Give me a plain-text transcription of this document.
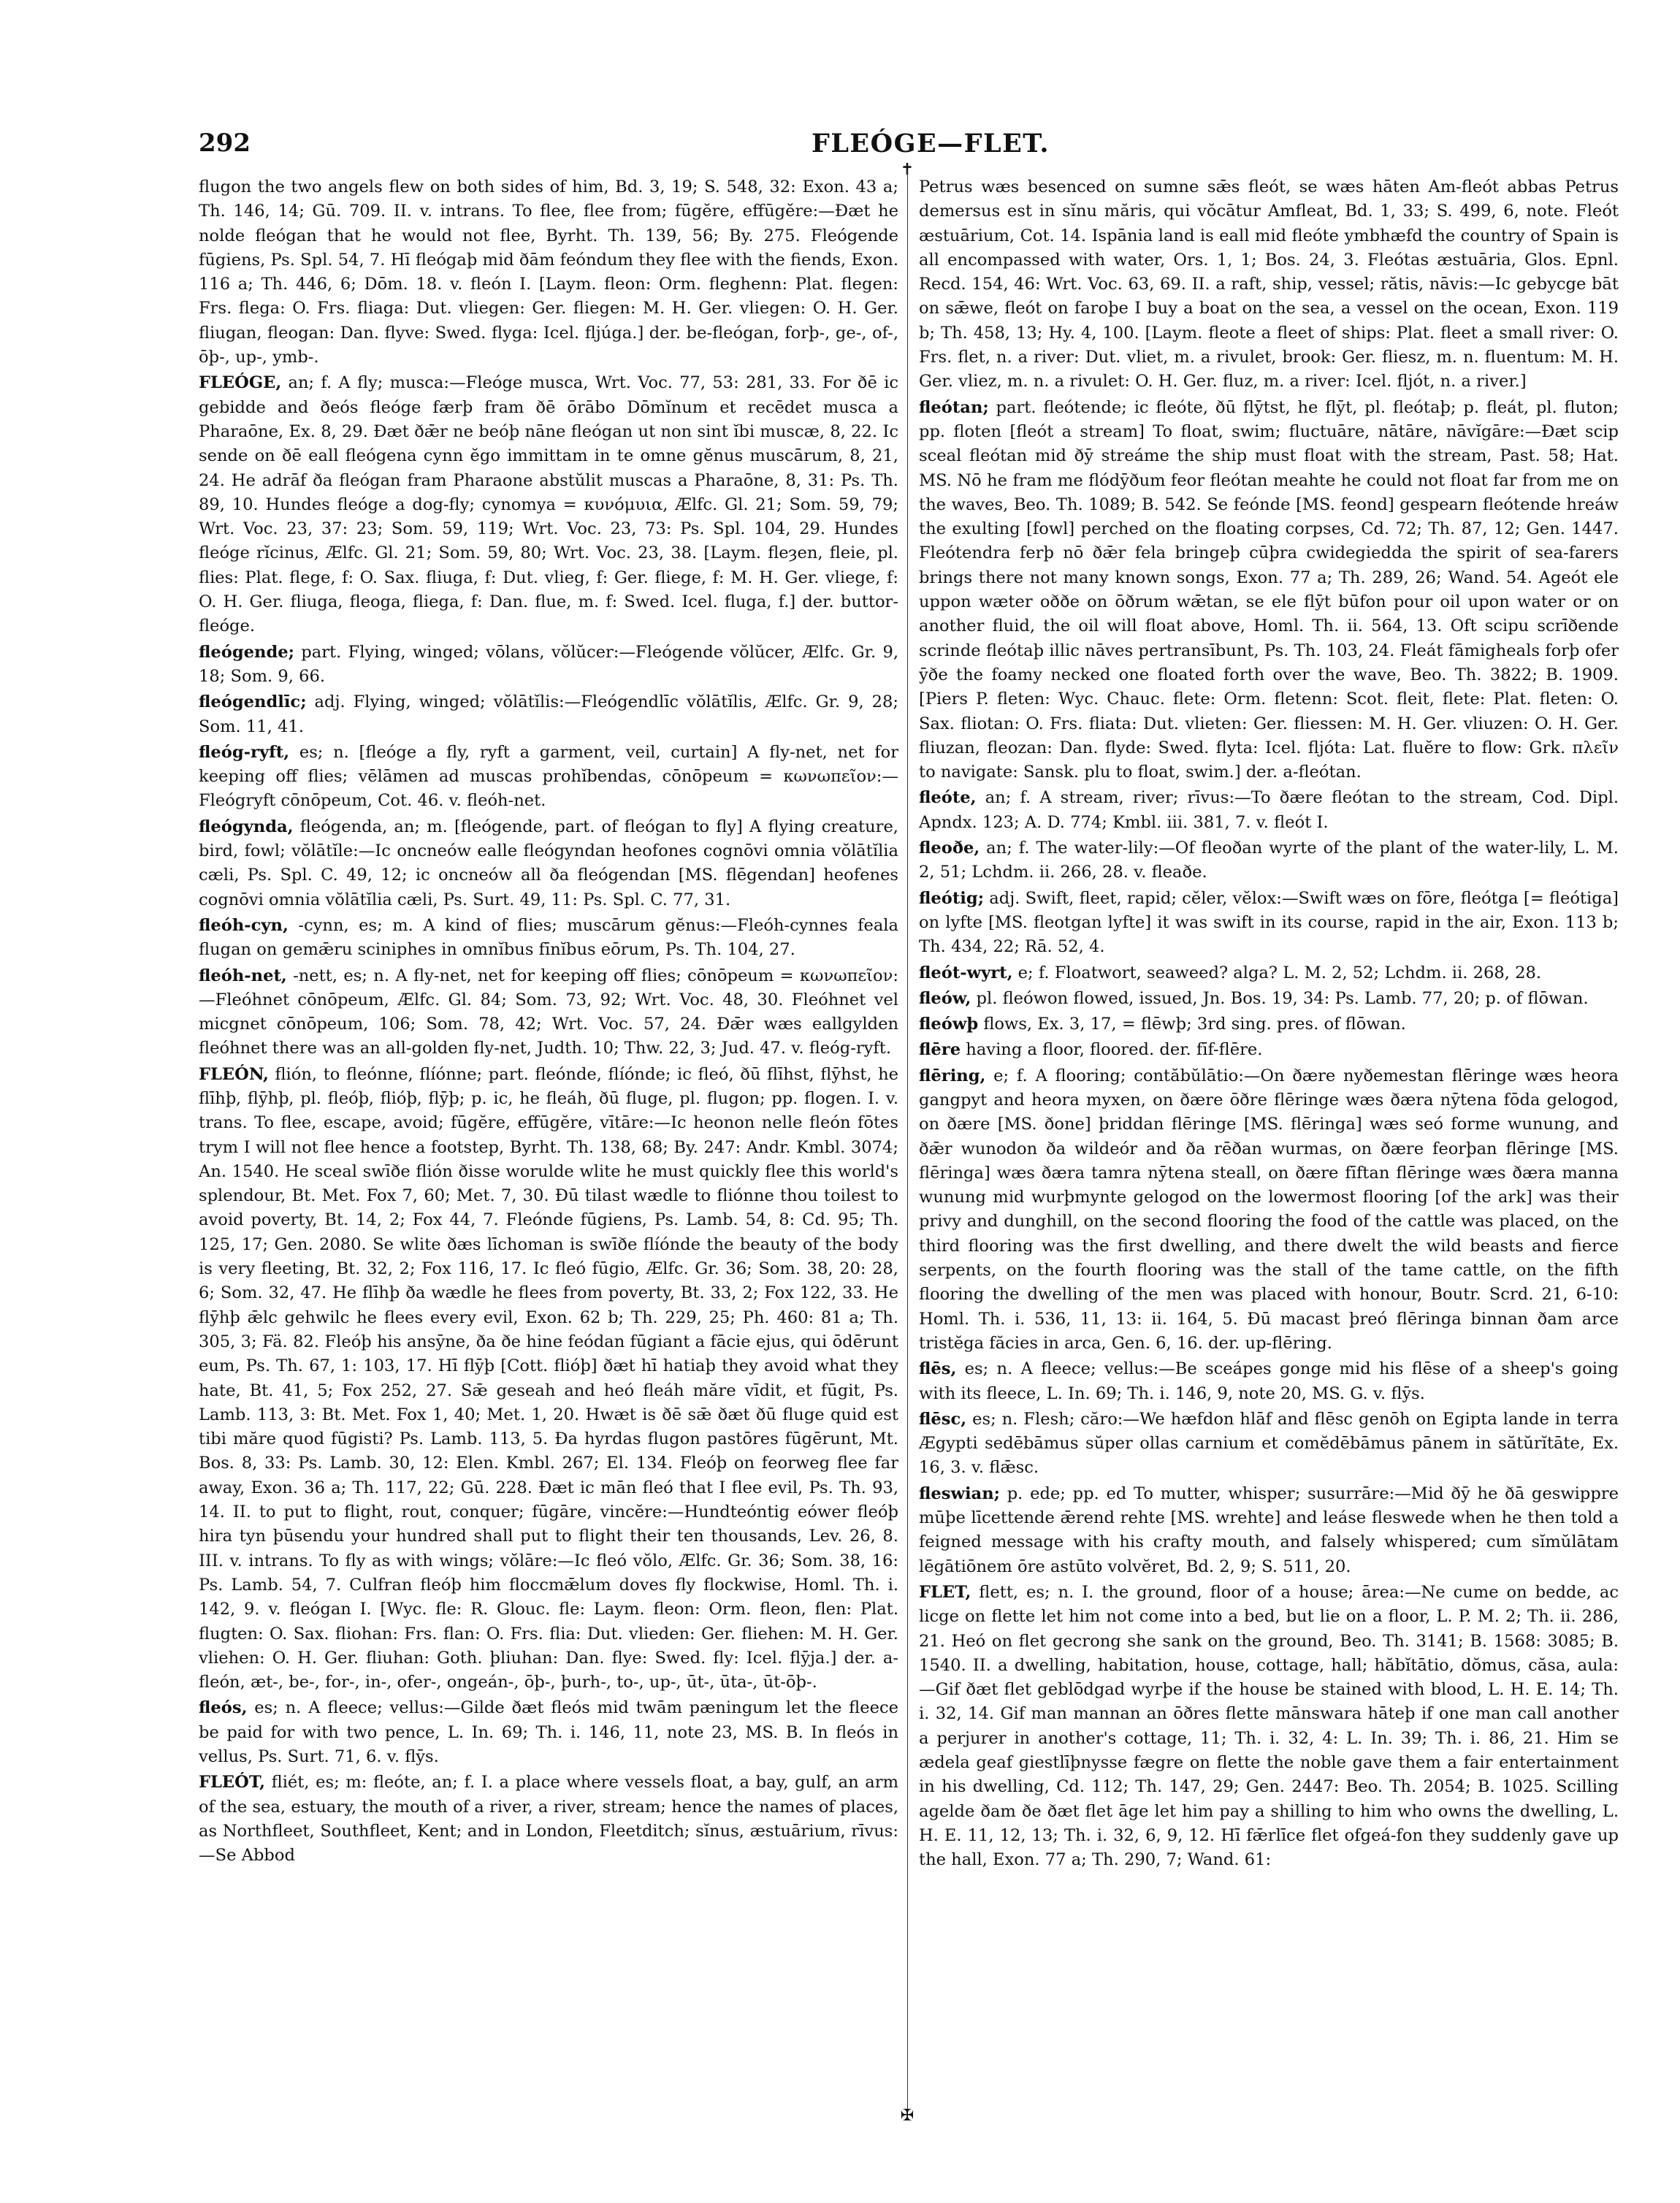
292	FLEÓGE—FLET.
✝
✠

flugon the two angels flew on both sides of him, Bd. 3, 19; S. 548, 32: Exon. 43 a; Th. 146, 14; Gū. 709. II. v. intrans. To flee, flee from; fūgĕre, effūgĕre:—Ðæt he nolde fleógan that he would not flee, Byrht. Th. 139, 56; By. 275. Fleógende fūgiens, Ps. Spl. 54, 7. Hī fleógaþ mid ðām feóndum they flee with the fiends, Exon. 116 a; Th. 446, 6; Dōm. 18. v. fleón I. [Laym. fleon: Orm. fleghenn: Plat. flegen: Frs. flega: O. Frs. fliaga: Dut. vliegen: Ger. fliegen: M. H. Ger. vliegen: O. H. Ger. fliugan, fleogan: Dan. flyve: Swed. flyga: Icel. fljúga.] der. be-fleógan, forþ-, ge-, of-, ōþ-, up-, ymb-.

FLEÓGE, an; f. A fly; musca:—Fleóge musca, Wrt. Voc. 77, 53: 281, 33. For ðē ic gebidde and ðeós fleóge færþ fram ðē ōrābo Dōmĭnum et recēdet musca a Pharaōne, Ex. 8, 29. Ðæt ðǣr ne beóþ nāne fleógan ut non sint ĭbi muscæ, 8, 22. Ic sende on ðē eall fleógena cynn ĕgo immittam in te omne gĕnus muscārum, 8, 21, 24. He adrāf ða fleógan fram Pharaone abstŭlit muscas a Pharaōne, 8, 31: Ps. Th. 89, 10. Hundes fleóge a dog-fly; cynomya = κυνόμυια, Ælfc. Gl. 21; Som. 59, 79; Wrt. Voc. 23, 37: 23; Som. 59, 119; Wrt. Voc. 23, 73: Ps. Spl. 104, 29. Hundes fleóge rĭcinus, Ælfc. Gl. 21; Som. 59, 80; Wrt. Voc. 23, 38. [Laym. fleȝen, fleie, pl. flies: Plat. flege, f: O. Sax. fliuga, f: Dut. vlieg, f: Ger. fliege, f: M. H. Ger. vliege, f: O. H. Ger. fliuga, fleoga, fliega, f: Dan. flue, m. f: Swed. Icel. fluga, f.] der. buttor-fleóge.

fleógende; part. Flying, winged; vōlans, vŏlŭcer:—Fleógende vŏlŭcer, Ælfc. Gr. 9, 18; Som. 9, 66.

fleógendlīc; adj. Flying, winged; vŏlātĭlis:—Fleógendlīc vŏlātĭlis, Ælfc. Gr. 9, 28; Som. 11, 41.

fleóg-ryft, es; n. [fleóge a fly, ryft a garment, veil, curtain] A fly-net, net for keeping off flies; vēlāmen ad muscas prohĭbendas, cōnōpeum = κωνωπεῖον:—Fleógryft cōnōpeum, Cot. 46. v. fleóh-net.

fleógynda, fleógenda, an; m. [fleógende, part. of fleógan to fly] A flying creature, bird, fowl; vŏlātĭle:—Ic oncneów ealle fleógyndan heofones cognōvi omnia vŏlātĭlia cæli, Ps. Spl. C. 49, 12; ic oncneów all ða fleógendan [MS. flēgendan] heofenes cognōvi omnia vŏlātĭlia cæli, Ps. Surt. 49, 11: Ps. Spl. C. 77, 31.

fleóh-cyn, -cynn, es; m. A kind of flies; muscārum gĕnus:—Fleóh-cynnes feala flugan on gemǣru sciniphes in omnĭbus fīnĭbus eōrum, Ps. Th. 104, 27.

fleóh-net, -nett, es; n. A fly-net, net for keeping off flies; cōnōpeum = κωνωπεῖον:—Fleóhnet cōnōpeum, Ælfc. Gl. 84; Som. 73, 92; Wrt. Voc. 48, 30. Fleóhnet vel micgnet cōnōpeum, 106; Som. 78, 42; Wrt. Voc. 57, 24. Ðǣr wæs eallgylden fleóhnet there was an all-golden fly-net, Judth. 10; Thw. 22, 3; Jud. 47. v. fleóg-ryft.

FLEÓN, flión, to fleónne, flíónne; part. fleónde, flíónde; ic fleó, ðū flīhst, flȳhst, he flīhþ, flȳhþ, pl. fleóþ, flióþ, flȳþ; p. ic, he fleáh, ðū fluge, pl. flugon; pp. flogen. I. v. trans. To flee, escape, avoid; fūgĕre, effūgĕre, vītāre:—Ic heonon nelle fleón fōtes trym I will not flee hence a footstep, Byrht. Th. 138, 68; By. 247: Andr. Kmbl. 3074; An. 1540. He sceal swīðe flión ðisse worulde wlite he must quickly flee this world's splendour, Bt. Met. Fox 7, 60; Met. 7, 30. Ðū tilast wædle to fliónne thou toilest to avoid poverty, Bt. 14, 2; Fox 44, 7. Fleónde fūgiens, Ps. Lamb. 54, 8: Cd. 95; Th. 125, 17; Gen. 2080. Se wlite ðæs līchoman is swīðe flíónde the beauty of the body is very fleeting, Bt. 32, 2; Fox 116, 17. Ic fleó fūgio, Ælfc. Gr. 36; Som. 38, 20: 28, 6; Som. 32, 47. He flīhþ ða wædle he flees from poverty, Bt. 33, 2; Fox 122, 33. He flȳhþ ǣlc gehwilc he flees every evil, Exon. 62 b; Th. 229, 25; Ph. 460: 81 a; Th. 305, 3; Fä. 82. Fleóþ his ansȳne, ða ðe hine feódan fūgiant a fācie ejus, qui ōdērunt eum, Ps. Th. 67, 1: 103, 17. Hī flȳþ [Cott. flióþ] ðæt hī hatiaþ they avoid what they hate, Bt. 41, 5; Fox 252, 27. Sǣ geseah and heó fleáh măre vīdit, et fūgit, Ps. Lamb. 113, 3: Bt. Met. Fox 1, 40; Met. 1, 20. Hwæt is ðē sǣ ðæt ðū fluge quid est tibi măre quod fūgisti? Ps. Lamb. 113, 5. Ða hyrdas flugon pastōres fūgērunt, Mt. Bos. 8, 33: Ps. Lamb. 30, 12: Elen. Kmbl. 267; El. 134. Fleóþ on feorweg flee far away, Exon. 36 a; Th. 117, 22; Gū. 228. Ðæt ic mān fleó that I flee evil, Ps. Th. 93, 14. II. to put to flight, rout, conquer; fūgāre, vincĕre:—Hundteóntig eówer fleóþ hira tyn þūsendu your hundred shall put to flight their ten thousands, Lev. 26, 8. III. v. intrans. To fly as with wings; vŏlāre:—Ic fleó vŏlo, Ælfc. Gr. 36; Som. 38, 16: Ps. Lamb. 54, 7. Culfran fleóþ him floccmǣlum doves fly flockwise, Homl. Th. i. 142, 9. v. fleógan I. [Wyc. fle: R. Glouc. fle: Laym. fleon: Orm. fleon, flen: Plat. flugten: O. Sax. fliohan: Frs. flan: O. Frs. flia: Dut. vlieden: Ger. fliehen: M. H. Ger. vliehen: O. H. Ger. fliuhan: Goth. þliuhan: Dan. flye: Swed. fly: Icel. flȳja.] der. a-fleón, æt-, be-, for-, in-, ofer-, ongeán-, ōþ-, þurh-, to-, up-, ūt-, ūta-, ūt-ōþ-.

fleós, es; n. A fleece; vellus:—Gilde ðæt fleós mid twām pæningum let the fleece be paid for with two pence, L. In. 69; Th. i. 146, 11, note 23, MS. B. In fleós in vellus, Ps. Surt. 71, 6. v. flȳs.

FLEÓT, fliét, es; m: fleóte, an; f. I. a place where vessels float, a bay, gulf, an arm of the sea, estuary, the mouth of a river, a river, stream; hence the names of places, as Northfleet, Southfleet, Kent; and in London, Fleetditch; sĭnus, æstuārium, rīvus:—Se Abbod

Petrus wæs besenced on sumne sǣs fleót, se wæs hāten Am-fleót abbas Petrus demersus est in sĭnu măris, qui vŏcātur Amfleat, Bd. 1, 33; S. 499, 6, note. Fleót æstuārium, Cot. 14. Ispānia land is eall mid fleóte ymbhæfd the country of Spain is all encompassed with water, Ors. 1, 1; Bos. 24, 3. Fleótas æstuāria, Glos. Epnl. Recd. 154, 46: Wrt. Voc. 63, 69. II. a raft, ship, vessel; rătis, nāvis:—Ic gebycge bāt on sǣwe, fleót on faroþe I buy a boat on the sea, a vessel on the ocean, Exon. 119 b; Th. 458, 13; Hy. 4, 100. [Laym. fleote a fleet of ships: Plat. fleet a small river: O. Frs. flet, n. a river: Dut. vliet, m. a rivulet, brook: Ger. fliesz, m. n. fluentum: M. H. Ger. vliez, m. n. a rivulet: O. H. Ger. fluz, m. a river: Icel. fljót, n. a river.]

fleótan; part. fleótende; ic fleóte, ðū flȳtst, he flȳt, pl. fleótaþ; p. fleát, pl. fluton; pp. floten [fleót a stream] To float, swim; fluctuāre, nātāre, nāvĭgāre:—Ðæt scip sceal fleótan mid ðȳ streáme the ship must float with the stream, Past. 58; Hat. MS. Nō he fram me flódȳðum feor fleótan meahte he could not float far from me on the waves, Beo. Th. 1089; B. 542. Se feónde [MS. feond] gespearn fleótende hreáw the exulting [fowl] perched on the floating corpses, Cd. 72; Th. 87, 12; Gen. 1447. Fleótendra ferþ nō ðǣr fela bringeþ cūþra cwidegiedda the spirit of sea-farers brings there not many known songs, Exon. 77 a; Th. 289, 26; Wand. 54. Ageót ele uppon wæter oððe on ōðrum wǣtan, se ele flȳt būfon pour oil upon water or on another fluid, the oil will float above, Homl. Th. ii. 564, 13. Oft scipu scrīðende scrinde fleótaþ illic nāves pertransībunt, Ps. Th. 103, 24. Fleát fāmigheals forþ ofer ȳðe the foamy necked one floated forth over the wave, Beo. Th. 3822; B. 1909. [Piers P. fleten: Wyc. Chauc. flete: Orm. fletenn: Scot. fleit, flete: Plat. fleten: O. Sax. fliotan: O. Frs. fliata: Dut. vlieten: Ger. fliessen: M. H. Ger. vliuzen: O. H. Ger. fliuzan, fleozan: Dan. flyde: Swed. flyta: Icel. fljóta: Lat. fluĕre to flow: Grk. πλεῖν to navigate: Sansk. plu to float, swim.] der. a-fleótan.

fleóte, an; f. A stream, river; rīvus:—To ðære fleótan to the stream, Cod. Dipl. Apndx. 123; A. D. 774; Kmbl. iii. 381, 7. v. fleót I.

fleoðe, an; f. The water-lily:—Of fleoðan wyrte of the plant of the water-lily, L. M. 2, 51; Lchdm. ii. 266, 28. v. fleaðe.

fleótig; adj. Swift, fleet, rapid; cĕler, vĕlox:—Swift wæs on fōre, fleótga [= fleótiga] on lyfte [MS. fleotgan lyfte] it was swift in its course, rapid in the air, Exon. 113 b; Th. 434, 22; Rā. 52, 4.

fleót-wyrt, e; f. Floatwort, seaweed? alga? L. M. 2, 52; Lchdm. ii. 268, 28.

fleów, pl. fleówon flowed, issued, Jn. Bos. 19, 34: Ps. Lamb. 77, 20; p. of flōwan.

fleówþ flows, Ex. 3, 17, = flēwþ; 3rd sing. pres. of flōwan.

flēre having a floor, floored. der. fīf-flēre.

flēring, e; f. A flooring; contăbŭlātio:—On ðære nyðemestan flēringe wæs heora gangpyt and heora myxen, on ðære ōðre flēringe wæs ðæra nȳtena fōda gelogod, on ðære [MS. ðone] þriddan flēringe [MS. flēringa] wæs seó forme wunung, and ðǣr wunodon ða wildeór and ða rēðan wurmas, on ðære feorþan flēringe [MS. flēringa] wæs ðæra tamra nȳtena steall, on ðære fīftan flēringe wæs ðæra manna wunung mid wurþmynte gelogod on the lowermost flooring [of the ark] was their privy and dunghill, on the second flooring the food of the cattle was placed, on the third flooring was the first dwelling, and there dwelt the wild beasts and fierce serpents, on the fourth flooring was the stall of the tame cattle, on the fifth flooring the dwelling of the men was placed with honour, Boutr. Scrd. 21, 6-10: Homl. Th. i. 536, 11, 13: ii. 164, 5. Ðū macast þreó flēringa binnan ðam arce tristĕga făcies in arca, Gen. 6, 16. der. up-flēring.

flēs, es; n. A fleece; vellus:—Be sceápes gonge mid his flēse of a sheep's going with its fleece, L. In. 69; Th. i. 146, 9, note 20, MS. G. v. flȳs.

flēsc, es; n. Flesh; căro:—We hæfdon hlāf and flēsc genōh on Egipta lande in terra Ægypti sedēbāmus sŭper ollas carnium et comĕdēbāmus pānem in sătŭrĭtāte, Ex. 16, 3. v. flǣsc.

fleswian; p. ede; pp. ed To mutter, whisper; susurrāre:—Mid ðȳ he ðā geswippre mūþe līcettende ǣrend rehte [MS. wrehte] and leáse fleswede when he then told a feigned message with his crafty mouth, and falsely whispered; cum sĭmŭlātam lēgātiōnem ōre astūto volvĕret, Bd. 2, 9; S. 511, 20.

FLET, flett, es; n. I. the ground, floor of a house; ārea:—Ne cume on bedde, ac licge on flette let him not come into a bed, but lie on a floor, L. P. M. 2; Th. ii. 286, 21. Heó on flet gecrong she sank on the ground, Beo. Th. 3141; B. 1568: 3085; B. 1540. II. a dwelling, habitation, house, cottage, hall; hăbĭtātio, dŏmus, căsa, aula:—Gif ðæt flet geblōdgad wyrþe if the house be stained with blood, L. H. E. 14; Th. i. 32, 14. Gif man mannan an ōðres flette mānswara hāteþ if one man call another a perjurer in another's cottage, 11; Th. i. 32, 4: L. In. 39; Th. i. 86, 21. Him se ædela geaf giestlīþnysse fægre on flette the noble gave them a fair entertainment in his dwelling, Cd. 112; Th. 147, 29; Gen. 2447: Beo. Th. 2054; B. 1025. Scilling agelde ðam ðe ðæt flet āge let him pay a shilling to him who owns the dwelling, L. H. E. 11, 12, 13; Th. i. 32, 6, 9, 12. Hī fǣrlīce flet ofgeá-fon they suddenly gave up the hall, Exon. 77 a; Th. 290, 7; Wand. 61:
